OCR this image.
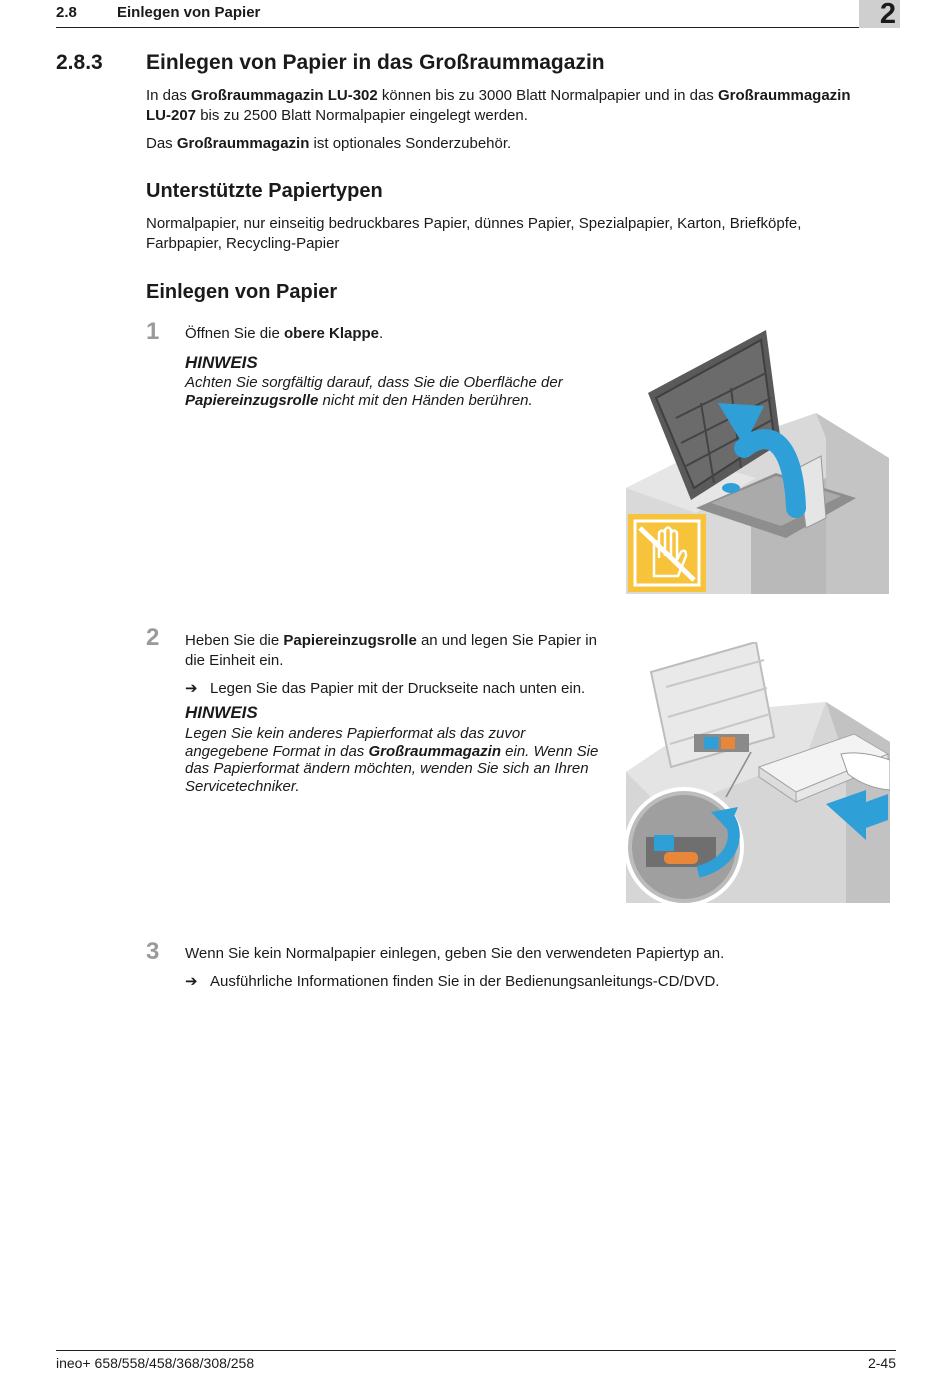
2.8	Einlegen von Papier	2
2.8.3 Einlegen von Papier in das Großraummagazin
In das Großraummagazin LU-302 können bis zu 3000 Blatt Normalpapier und in das Großraummagazin
LU-207 bis zu 2500 Blatt Normalpapier eingelegt werden.
Das Großraummagazin ist optionales Sonderzubehör.
Unterstützte Papiertypen
Normalpapier, nur einseitig bedruckbares Papier, dünnes Papier, Spezialpapier, Karton, Briefköpfe,
Farbpapier, Recycling-Papier
Einlegen von Papier
1 Öffnen Sie die obere Klappe.
HINWEIS
Achten Sie sorgfältig darauf, dass Sie die Oberfläche der
Papiereinzugsrolle nicht mit den Händen berühren.
2 Heben Sie die Papiereinzugsrolle an und legen Sie Papier in
die Einheit ein.
➔ Legen Sie das Papier mit der Druckseite nach unten ein.
HINWEIS
Legen Sie kein anderes Papierformat als das zuvor
angegebene Format in das Großraummagazin ein. Wenn Sie
das Papierformat ändern möchten, wenden Sie sich an Ihren
Servicetechniker.
3 Wenn Sie kein Normalpapier einlegen, geben Sie den verwendeten Papiertyp an.
➔ Ausführliche Informationen finden Sie in der Bedienungsanleitungs-CD/DVD.
ineo+ 658/558/458/368/308/258	2-45
